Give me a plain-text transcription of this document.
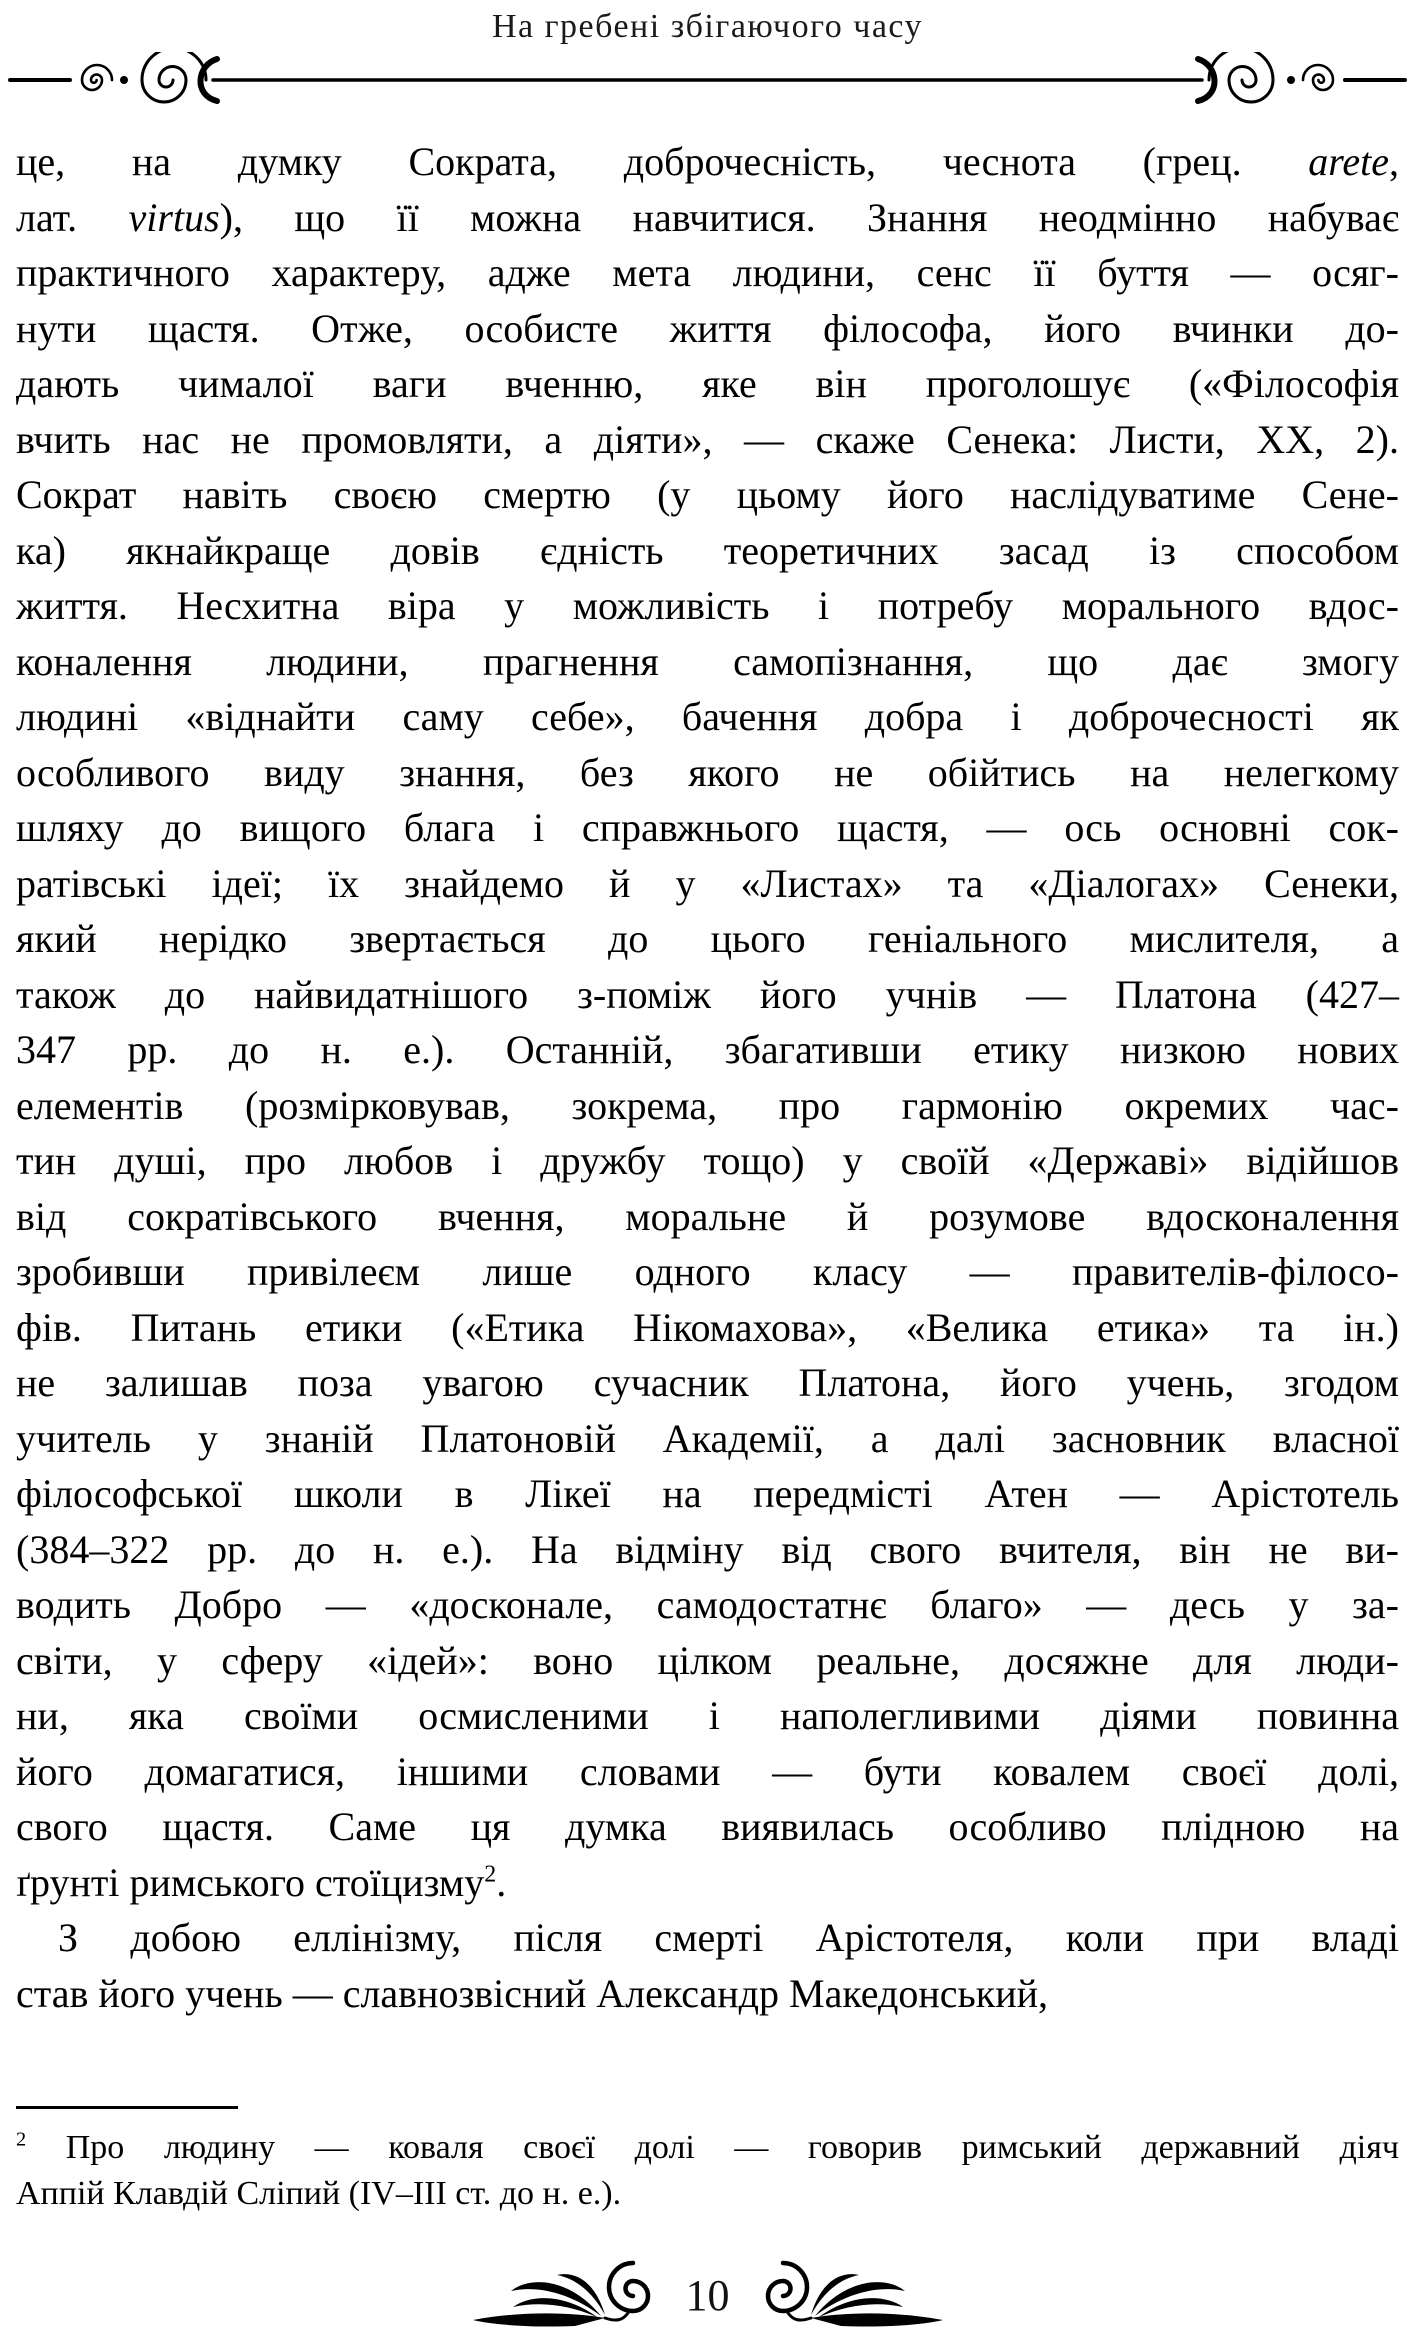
На гребені збігаючого часу
це, на думку Сократа, доброчесність, чеснота (грец. arete,
лат. virtus), що її можна навчитися. Знання неодмінно набуває
практичного характеру, адже мета людини, сенс її буття — осяг-
нути щастя. Отже, особисте життя філософа, його вчинки до-
дають чималої ваги вченню, яке він проголошує («Філософія
вчить нас не промовляти, а діяти», — скаже Сенека: Листи, XX, 2).
Сократ навіть своєю смертю (у цьому його наслідуватиме Сене-
ка) якнайкраще довів єдність теоретичних засад із способом
життя. Несхитна віра у можливість і потребу морального вдос-
коналення людини, прагнення самопізнання, що дає змогу
людині «віднайти саму себе», бачення добра і доброчесності як
особливого виду знання, без якого не обійтись на нелегкому
шляху до вищого блага і справжнього щастя, — ось основні сок-
ратівські ідеї; їх знайдемо й у «Листах» та «Діалогах» Сенеки,
який нерідко звертається до цього геніального мислителя, а
також до найвидатнішого з-поміж його учнів — Платона (427–
347 рр. до н. е.). Останній, збагативши етику низкою нових
елементів (розмірковував, зокрема, про гармонію окремих час-
тин душі, про любов і дружбу тощо) у своїй «Державі» відійшов
від сократівського вчення, моральне й розумове вдосконалення
зробивши привілеєм лише одного класу — правителів-філосо-
фів. Питань етики («Етика Нікомахова», «Велика етика» та ін.)
не залишав поза увагою сучасник Платона, його учень, згодом
учитель у знаній Платоновій Академії, а далі засновник власної
філософської школи в Лікеї на передмісті Атен — Арістотель
(384–322 рр. до н. е.). На відміну від свого вчителя, він не ви-
водить Добро — «досконале, самодостатнє благо» — десь у за-
світи, у сферу «ідей»: воно цілком реальне, досяжне для люди-
ни, яка своїми осмисленими і наполегливими діями повинна
його домагатися, іншими словами — бути ковалем своєї долі,
свого щастя. Саме ця думка виявилась особливо плідною на
ґрунті римського стоїцизму$^2$.
З добою еллінізму, після смерті Арістотеля, коли при владі
став його учень — славнозвісний Александр Македонський,
$^2$ Про людину — коваля своєї долі — говорив римський державний діяч
Аппій Клавдій Сліпий (IV–III ст. до н. е.).
10
